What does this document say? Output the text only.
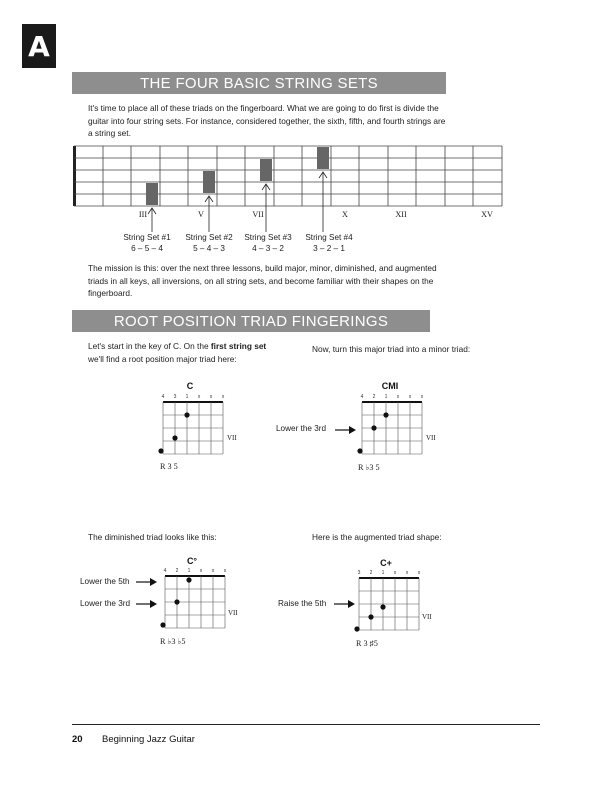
A
THE FOUR BASIC STRING SETS
It's time to place all of these triads on the fingerboard. What we are going to do first is divide the guitar into four string sets. For instance, considered together, the sixth, fifth, and fourth strings are a string set.
III	V	VII	X	XII	XV
String Set #1
6 – 5 – 4
String Set #2
5 – 4 – 3
String Set #3
4 – 3 – 2
String Set #4
3 – 2 – 1
The mission is this: over the next three lessons, build major, minor, diminished, and augmented triads in all keys, all inversions, on all string sets, and become familiar with their shapes on the fingerboard.
ROOT POSITION TRIAD FINGERINGS
Let's start in the key of C. On the first string set we'll find a root position major triad here:
Now, turn this major triad into a minor triad:
C
4 3 1 x x x
VII
R 3 5
CMI
4 2 1 x x x
VII
R ♭3 5
Lower the 3rd
The diminished triad looks like this:	Here is the augmented triad shape:
C°
4 2 1 x x x
VII
R ♭3 ♭5
Lower the 5th
Lower the 3rd
C+
3 2 1 x x x
VII
R 3 ♯5
Raise the 5th
20 Beginning Jazz Guitar
